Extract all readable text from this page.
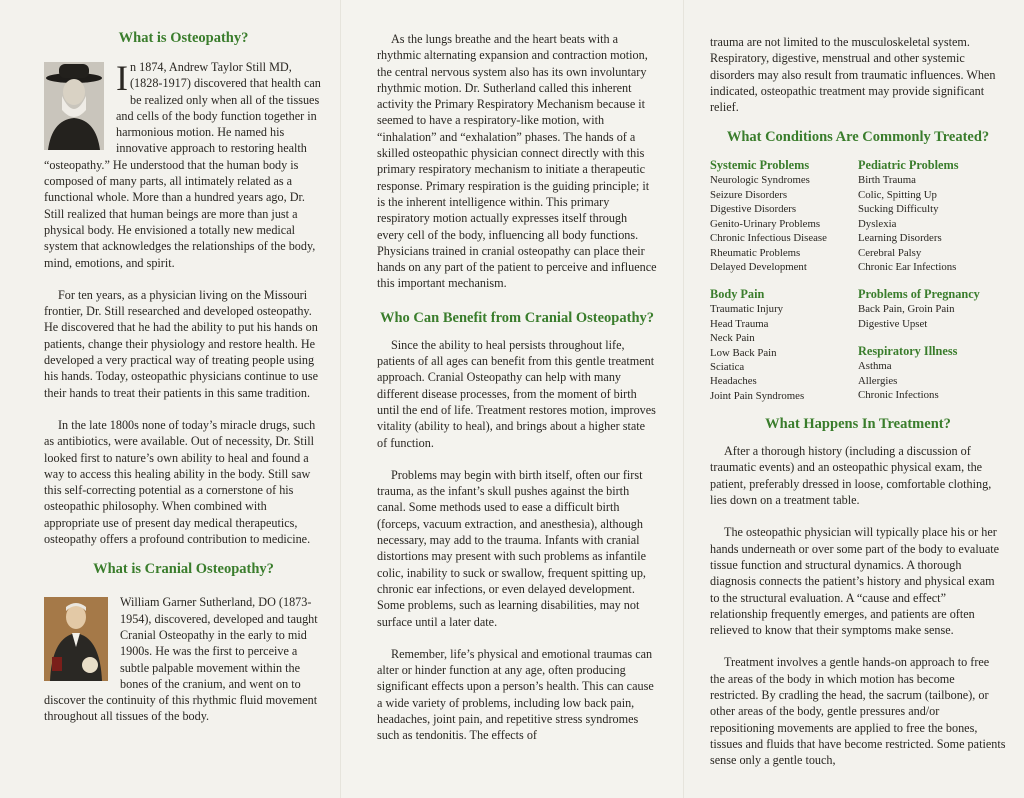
What is Osteopathy?

In 1874, Andrew Taylor Still MD, (1828-1917) discovered that health can be realized only when all of the tissues and cells of the body function together in harmonious motion. He named his innovative approach to restoring health “osteopathy.” He understood that the human body is composed of many parts, all intimately related as a functional whole. More than a hundred years ago, Dr. Still realized that human beings are more than just a physical body. He envisioned a totally new medical system that acknowledges the relationships of the body, mind, emotions, and spirit.

For ten years, as a physician living on the Missouri frontier, Dr. Still researched and developed osteopathy. He discovered that he had the ability to put his hands on patients, change their physiology and restore health. He developed a very practical way of treating people using his hands. Today, osteopathic physicians continue to use their hands to treat their patients in this same tradition.

In the late 1800s none of today’s miracle drugs, such as antibiotics, were available. Out of necessity, Dr. Still looked first to nature’s own ability to heal and found a way to access this healing ability in the body. Still saw this self-correcting potential as a cornerstone of his osteopathic philosophy. When combined with appropriate use of present day medical therapeutics, osteopathy offers a profound contribution to medicine.

What is Cranial Osteopathy?

William Garner Sutherland, DO (1873-1954), discovered, developed and taught Cranial Osteopathy in the early to mid 1900s. He was the first to perceive a subtle palpable movement within the bones of the cranium, and went on to discover the continuity of this rhythmic fluid movement throughout all tissues of the body.

As the lungs breathe and the heart beats with a rhythmic alternating expansion and contraction motion, the central nervous system also has its own involuntary rhythmic motion. Dr. Sutherland called this inherent activity the Primary Respiratory Mechanism because it seemed to have a respiratory-like motion, with “inhalation” and “exhalation” phases. The hands of a skilled osteopathic physician connect directly with this primary respiratory mechanism to initiate a therapeutic response. Primary respiration is the guiding principle; it is the inherent intelligence within. This primary respiratory motion actually expresses itself through every cell of the body, influencing all body functions. Physicians trained in cranial osteopathy can place their hands on any part of the patient to perceive and influence this important mechanism.

Who Can Benefit from Cranial Osteopathy?

Since the ability to heal persists throughout life, patients of all ages can benefit from this gentle treatment approach. Cranial Osteopathy can help with many different disease processes, from the moment of birth until the end of life. Treatment restores motion, improves vitality (ability to heal), and brings about a higher state of function.

Problems may begin with birth itself, often our first trauma, as the infant’s skull pushes against the birth canal. Some methods used to ease a difficult birth (forceps, vacuum extraction, and anesthesia), although necessary, may add to the trauma. Infants with cranial distortions may present with such problems as infantile colic, inability to suck or swallow, frequent spitting up, chronic ear infections, or even delayed development. Some problems, such as learning disabilities, may not surface until a later date.

Remember, life’s physical and emotional traumas can alter or hinder function at any age, often producing significant effects upon a person’s health. This can cause a wide variety of problems, including low back pain, headaches, joint pain, and repetitive stress syndromes such as tendonitis. The effects of

trauma are not limited to the musculoskeletal system. Respiratory, digestive, menstrual and other systemic disorders may also result from traumatic influences. When indicated, osteopathic treatment may provide significant relief.

What Conditions Are Commonly Treated?
Systemic Problems
Neurologic Syndromes
Seizure Disorders
Digestive Disorders
Genito-Urinary Problems
Chronic Infectious Disease
Rheumatic Problems
Delayed Development
Body Pain
Traumatic Injury
Head Trauma
Neck Pain
Low Back Pain
Sciatica
Headaches
Joint Pain Syndromes
Pediatric Problems
Birth Trauma
Colic, Spitting Up
Sucking Difficulty
Dyslexia
Learning Disorders
Cerebral Palsy
Chronic Ear Infections
Problems of Pregnancy
Back Pain, Groin Pain
Digestive Upset
Respiratory Illness
Asthma
Allergies
Chronic Infections
What Happens In Treatment?

After a thorough history (including a discussion of traumatic events) and an osteopathic physical exam, the patient, preferably dressed in loose, comfortable clothing, lies down on a treatment table.

The osteopathic physician will typically place his or her hands underneath or over some part of the body to evaluate tissue function and structural dynamics. A thorough diagnosis connects the patient’s history and physical exam to the structural evaluation. A “cause and effect” relationship frequently emerges, and patients are often relieved to know that their symptoms make sense.

Treatment involves a gentle hands-on approach to free the areas of the body in which motion has become restricted. By cradling the head, the sacrum (tailbone), or other areas of the body, gentle pressures and/or repositioning movements are applied to free the bones, tissues and fluids that have become restricted. Some patients sense only a gentle touch,
